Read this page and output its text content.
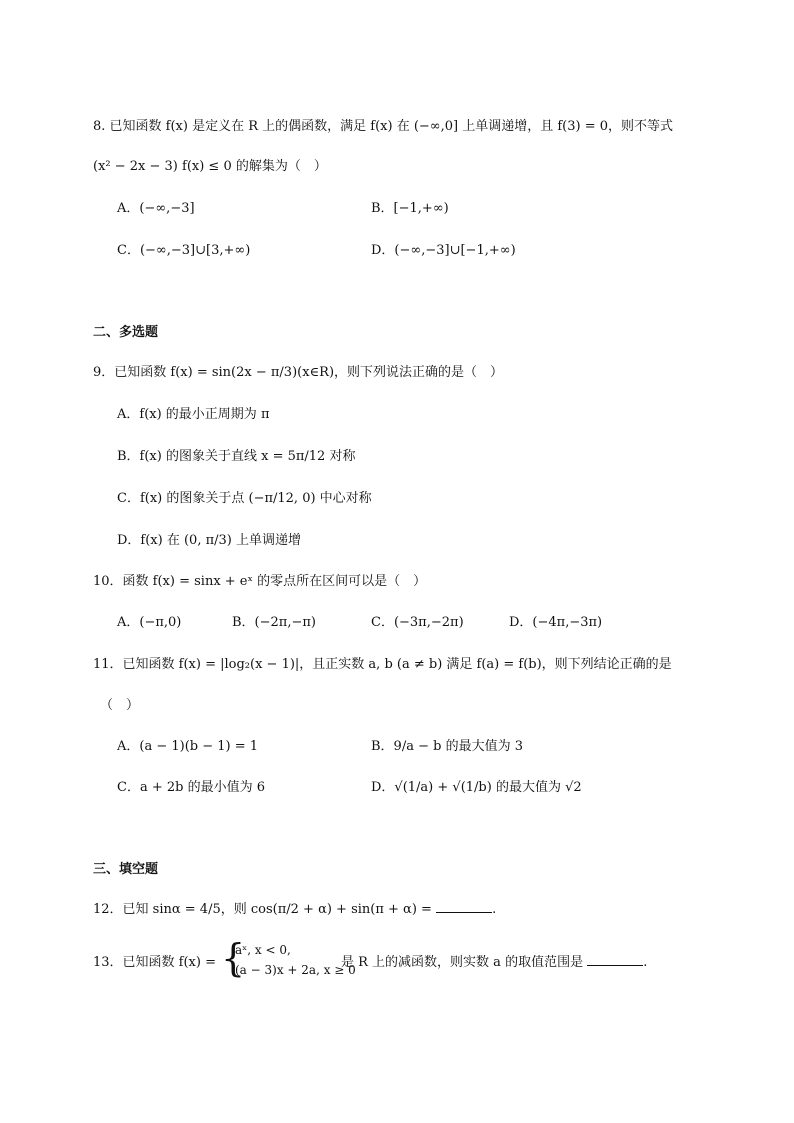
8. 已知函数 f(x) 是定义在 R 上的偶函数，满足 f(x) 在 (−∞,0] 上单调递增，且 f(3) = 0，则不等式
(x² − 2x − 3) f(x) ≤ 0 的解集为（　）
A．(−∞,−3]	B．[−1,+∞)
C．(−∞,−3]∪[3,+∞)	D．(−∞,−3]∪[−1,+∞)
二、多选题
9．已知函数 f(x) = sin(2x − π/3)(x∈R)，则下列说法正确的是（　）
A．f(x) 的最小正周期为 π
B．f(x) 的图象关于直线 x = 5π/12 对称
C．f(x) 的图象关于点 (−π/12, 0) 中心对称
D．f(x) 在 (0, π/3) 上单调递增
10．函数 f(x) = sinx + eˣ 的零点所在区间可以是（　）
A．(−π,0)	B．(−2π,−π)	C．(−3π,−2π)	D．(−4π,−3π)
11．已知函数 f(x) = |log₂(x − 1)|，且正实数 a, b (a ≠ b) 满足 f(a) = f(b)，则下列结论正确的是
（　）
A．(a − 1)(b − 1) = 1	B．9/a − b 的最大值为 3
C．a + 2b 的最小值为 6	D．√(1/a) + √(1/b) 的最大值为 √2
三、填空题
12．已知 sinα = 4/5，则 cos(π/2 + α) + sin(π + α) =	.
13．已知函数 f(x) = {
aˣ, x < 0,
(a − 3)x + 2a, x ≥ 0
是 R 上的减函数，则实数 a 的取值范围是	.
